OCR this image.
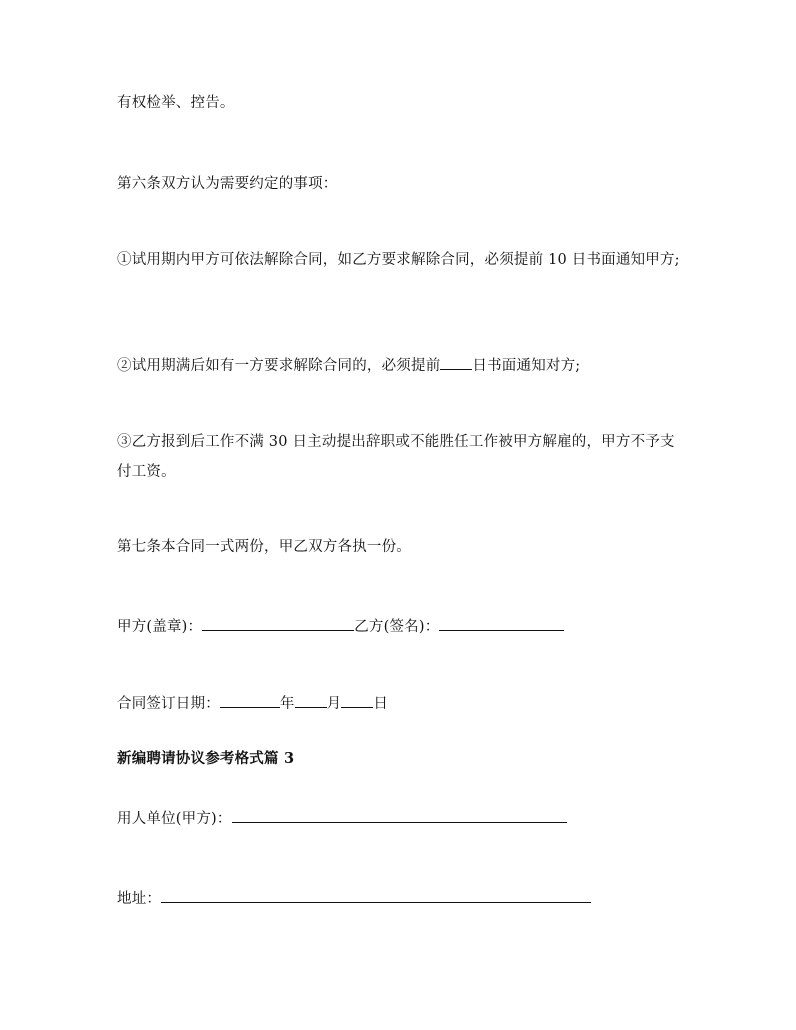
有权检举、控告。
第六条双方认为需要约定的事项：
①试用期内甲方可依法解除合同，如乙方要求解除合同，必须提前 10 日书面通知甲方;
②试用期满后如有一方要求解除合同的，必须提前 日书面通知对方;
③乙方报到后工作不满 30 日主动提出辞职或不能胜任工作被甲方解雇的，甲方不予支付工资。
第七条本合同一式两份，甲乙双方各执一份。
甲方(盖章)：	乙方(签名)：
合同签订日期：	年 月 日
新编聘请协议参考格式篇 3
用人单位(甲方)：
地址：
